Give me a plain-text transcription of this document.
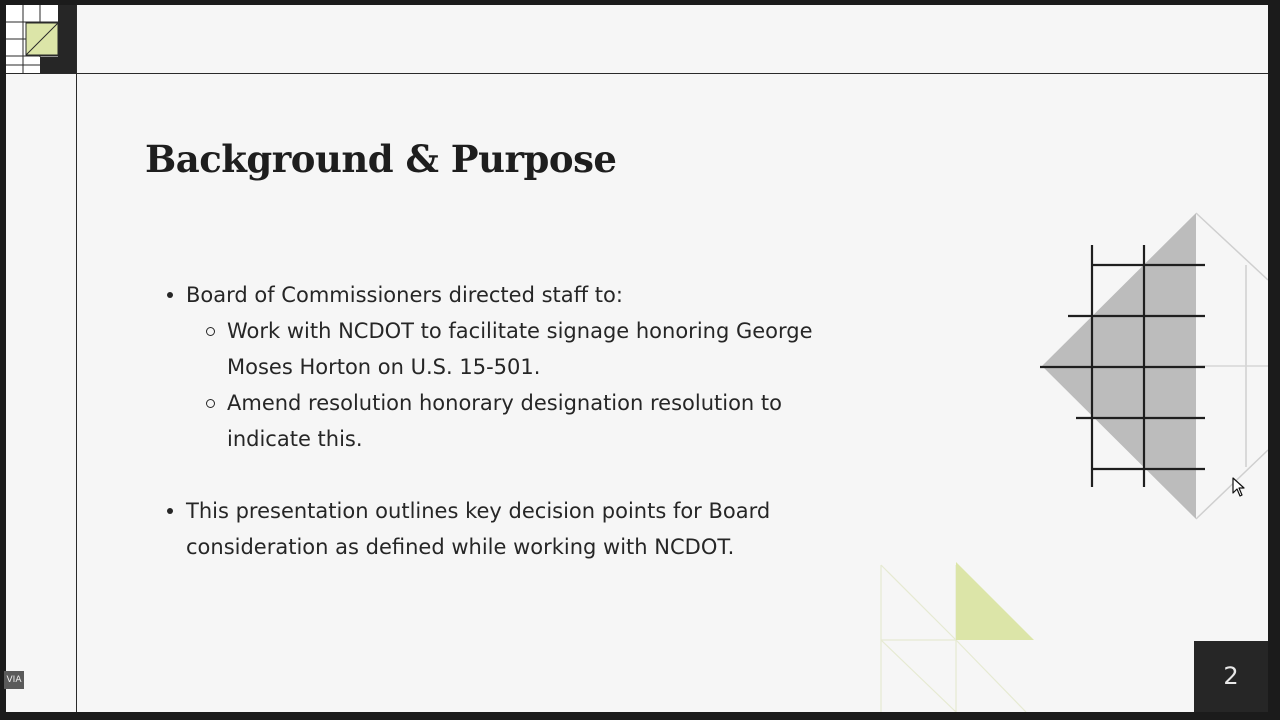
Background & Purpose
Board of Commissioners directed staff to:
Work with NCDOT to facilitate signage honoring George Moses Horton on U.S. 15-501.
Amend resolution honorary designation resolution to indicate this.
This presentation outlines key decision points for Board consideration as defined while working with NCDOT.
2
VIA
